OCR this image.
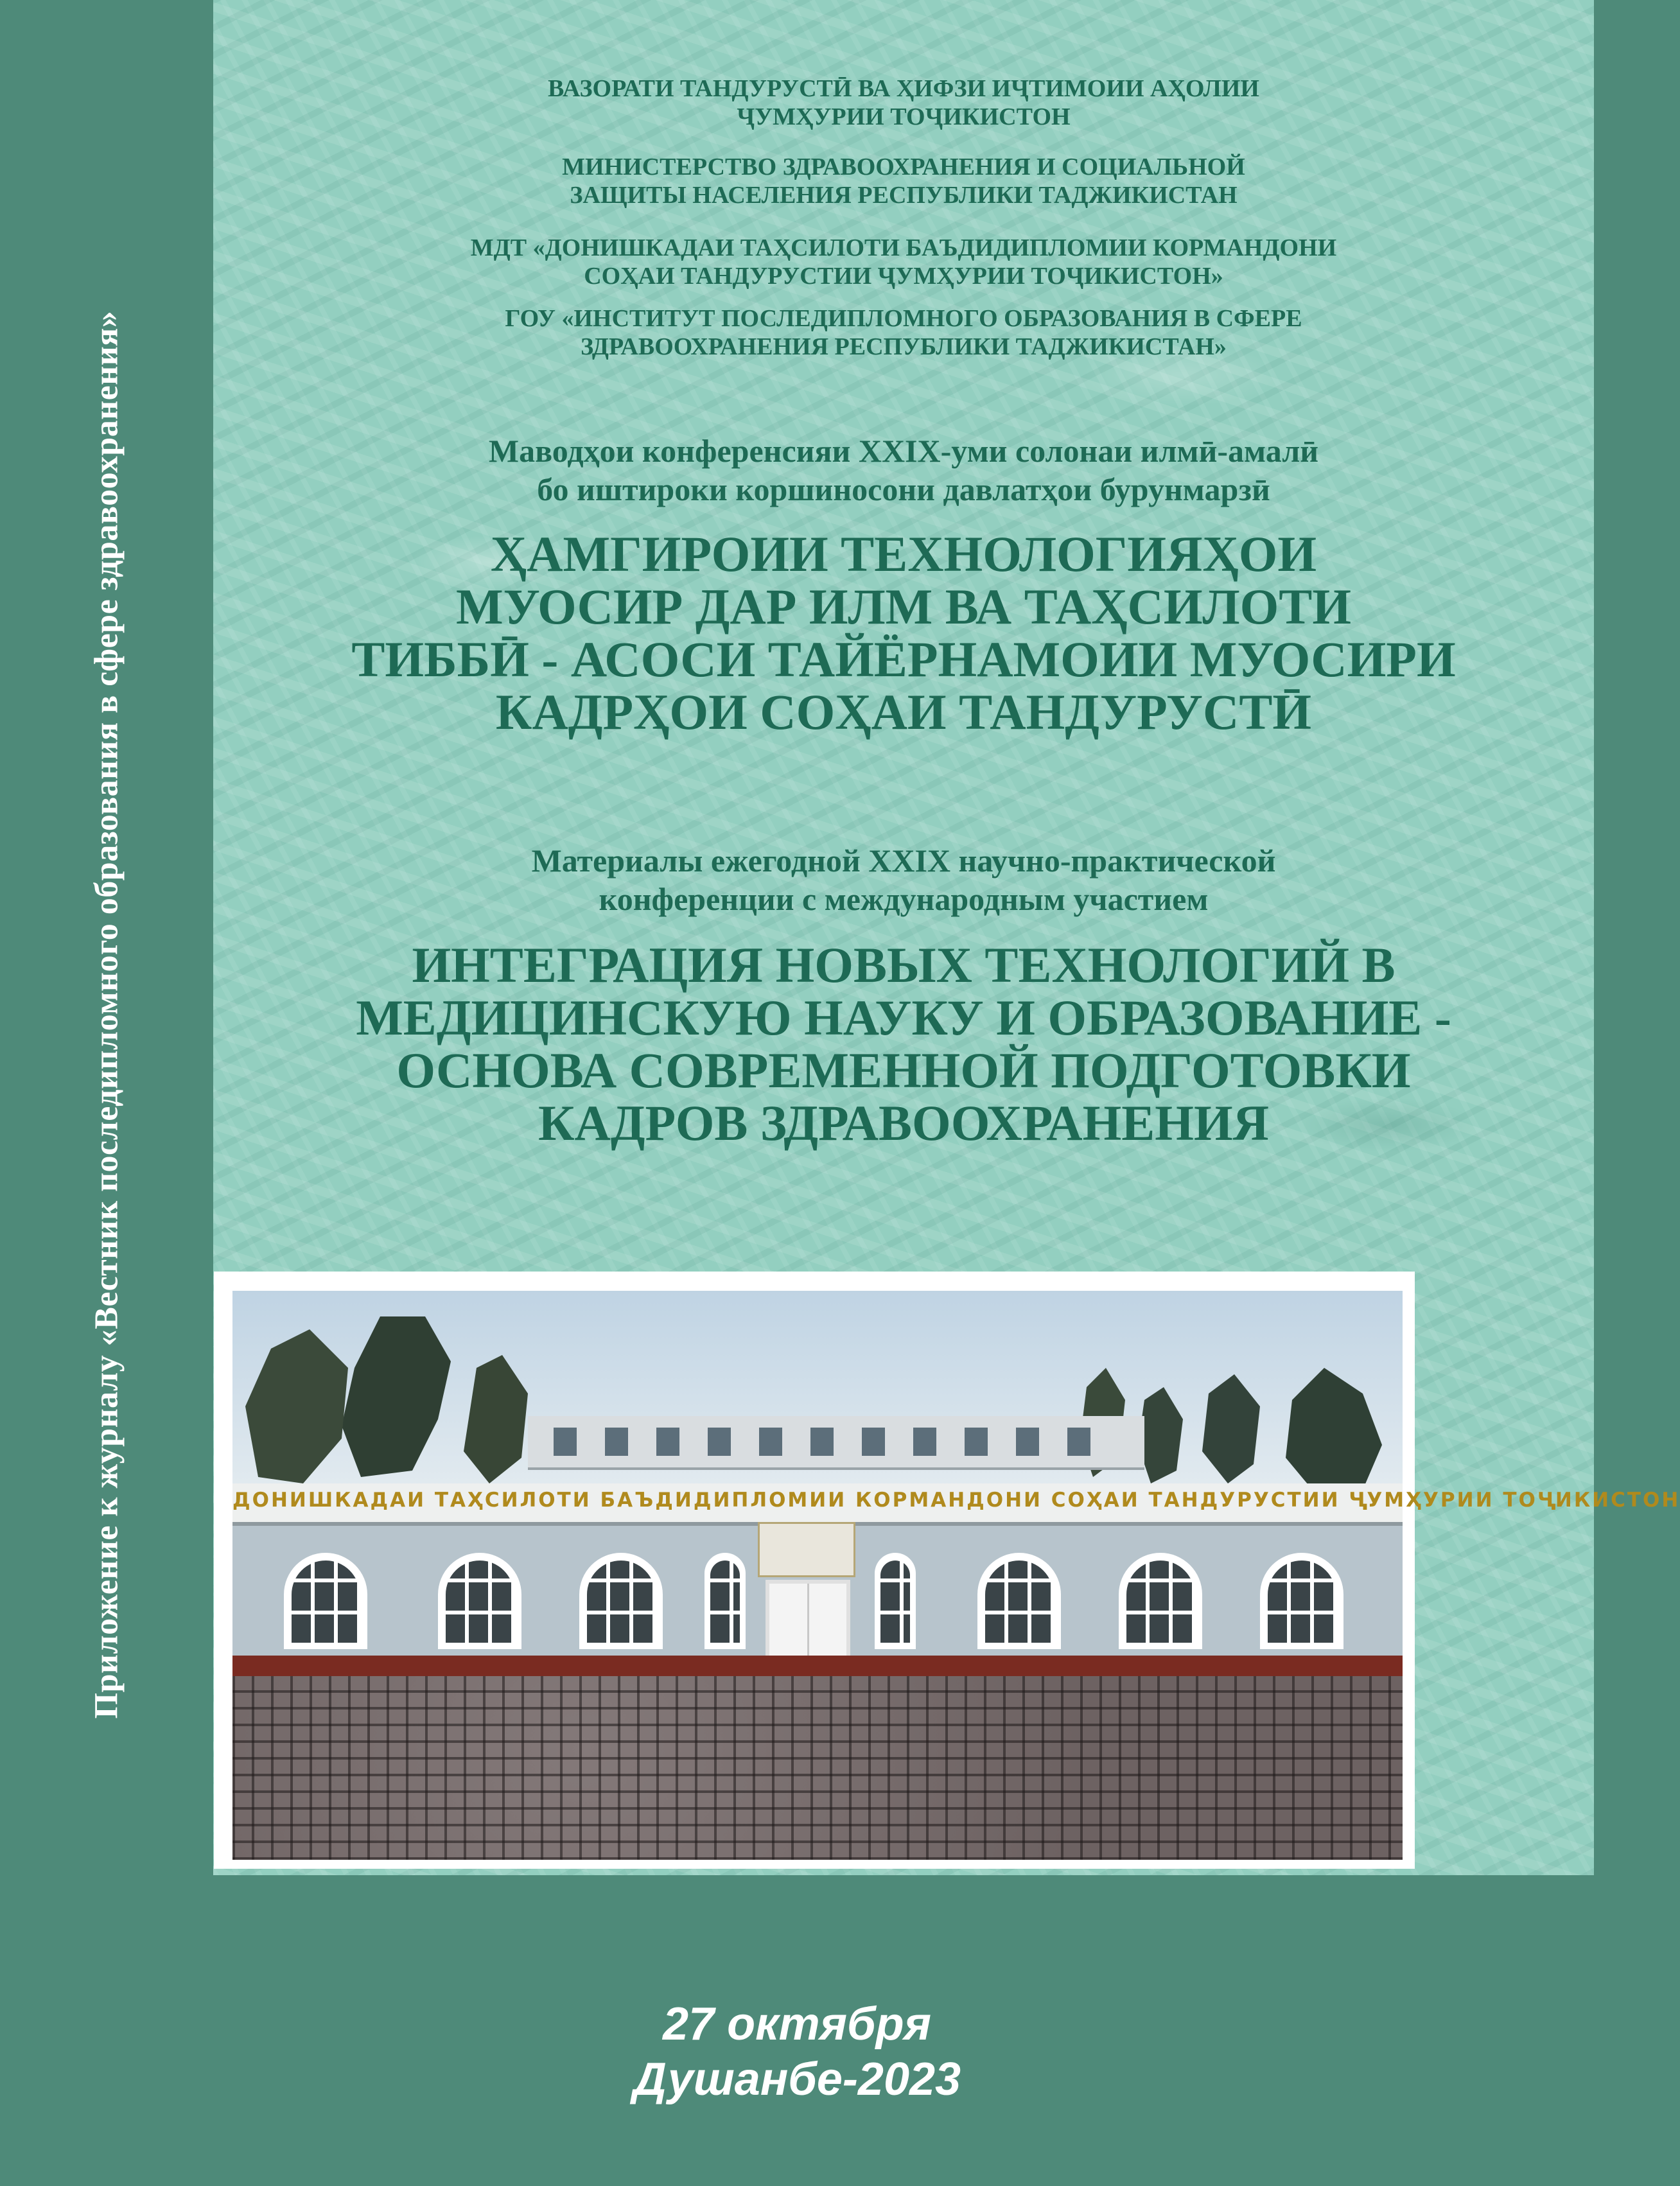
Приложение к журналу «Вестник последипломного образования в сфере здравоохранения»
ВАЗОРАТИ ТАНДУРУСТӢ ВА ҲИФЗИ ИҶТИМОИИ АҲОЛИИ
ҶУМҲУРИИ ТОҶИКИСТОН
МИНИСТЕРСТВО ЗДРАВООХРАНЕНИЯ И СОЦИАЛЬНОЙ
ЗАЩИТЫ НАСЕЛЕНИЯ РЕСПУБЛИКИ ТАДЖИКИСТАН
МДТ «ДОНИШКАДАИ ТАҲСИЛОТИ БАЪДИДИПЛОМИИ КОРМАНДОНИ
СОҲАИ ТАНДУРУСТИИ ҶУМҲУРИИ ТОҶИКИСТОН»
ГОУ «ИНСТИТУТ ПОСЛЕДИПЛОМНОГО ОБРАЗОВАНИЯ В СФЕРЕ
ЗДРАВООХРАНЕНИЯ РЕСПУБЛИКИ ТАДЖИКИСТАН»
Маводҳои конференсияи XXIX-уми солонаи илмӣ-амалӣ
бо иштироки коршиносони давлатҳои бурунмарзӣ
ҲАМГИРОИИ ТЕХНОЛОГИЯҲОИ
МУОСИР ДАР ИЛМ ВА ТАҲСИЛОТИ
ТИББӢ - АСОСИ ТАЙЁРНАМОИИ МУОСИРИ
КАДРҲОИ СОҲАИ ТАНДУРУСТӢ
Материалы ежегодной XXIX научно-практической
конференции с международным участием
ИНТЕГРАЦИЯ НОВЫХ ТЕХНОЛОГИЙ В
МЕДИЦИНСКУЮ НАУКУ И ОБРАЗОВАНИЕ -
ОСНОВА СОВРЕМЕННОЙ ПОДГОТОВКИ
КАДРОВ ЗДРАВООХРАНЕНИЯ
ДОНИШКАДАИ ТАҲСИЛОТИ БАЪДИДИПЛОМИИ КОРМАНДОНИ СОҲАИ ТАНДУРУСТИИ ҶУМҲУРИИ ТОҶИКИСТОН
27 октября
Душанбе-2023
